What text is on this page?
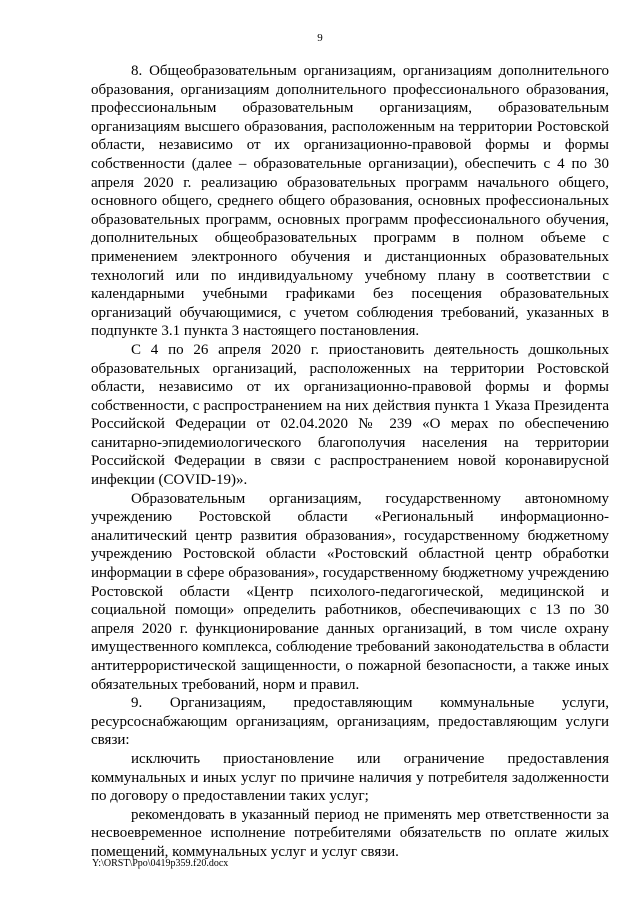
9

8. Общеобразовательным организациям, организациям дополнительного образования, организациям дополнительного профессионального образования, профессиональным образовательным организациям, образовательным организациям высшего образования, расположенным на территории Ростовской области, независимо от их организационно-правовой формы и формы собственности (далее – образовательные организации), обеспечить с 4 по 30 апреля 2020 г. реализацию образовательных программ начального общего, основного общего, среднего общего образования, основных профессиональных образовательных программ, основных программ профессионального обучения, дополнительных общеобразовательных программ в полном объеме с применением электронного обучения и дистанционных образовательных технологий или по индивидуальному учебному плану в соответствии с календарными учебными графиками без посещения образовательных организаций обучающимися, с учетом соблюдения требований, указанных в подпункте 3.1 пункта 3 настоящего постановления.

С 4 по 26 апреля 2020 г. приостановить деятельность дошкольных образовательных организаций, расположенных на территории Ростовской области, независимо от их организационно-правовой формы и формы собственности, с распространением на них действия пункта 1 Указа Президента Российской Федерации от 02.04.2020 № 239 «О мерах по обеспечению санитарно-эпидемиологического благополучия населения на территории Российской Федерации в связи с распространением новой коронавирусной инфекции (COVID-19)».

Образовательным организациям, государственному автономному учреждению Ростовской области «Региональный информационно-аналитический центр развития образования», государственному бюджетному учреждению Ростовской области «Ростовский областной центр обработки информации в сфере образования», государственному бюджетному учреждению Ростовской области «Центр психолого-педагогической, медицинской и социальной помощи» определить работников, обеспечивающих с 13 по 30 апреля 2020 г. функционирование данных организаций, в том числе охрану имущественного комплекса, соблюдение требований законодательства в области антитеррористической защищенности, о пожарной безопасности, а также иных обязательных требований, норм и правил.

9. Организациям, предоставляющим коммунальные услуги, ресурсоснабжающим организациям, организациям, предоставляющим услуги связи:

исключить приостановление или ограничение предоставления коммунальных и иных услуг по причине наличия у потребителя задолженности по договору о предоставлении таких услуг;

рекомендовать в указанный период не применять мер ответственности за несвоевременное исполнение потребителями обязательств по оплате жилых помещений, коммунальных услуг и услуг связи.

Y:\ORST\Ppo\0419p359.f20.docx
